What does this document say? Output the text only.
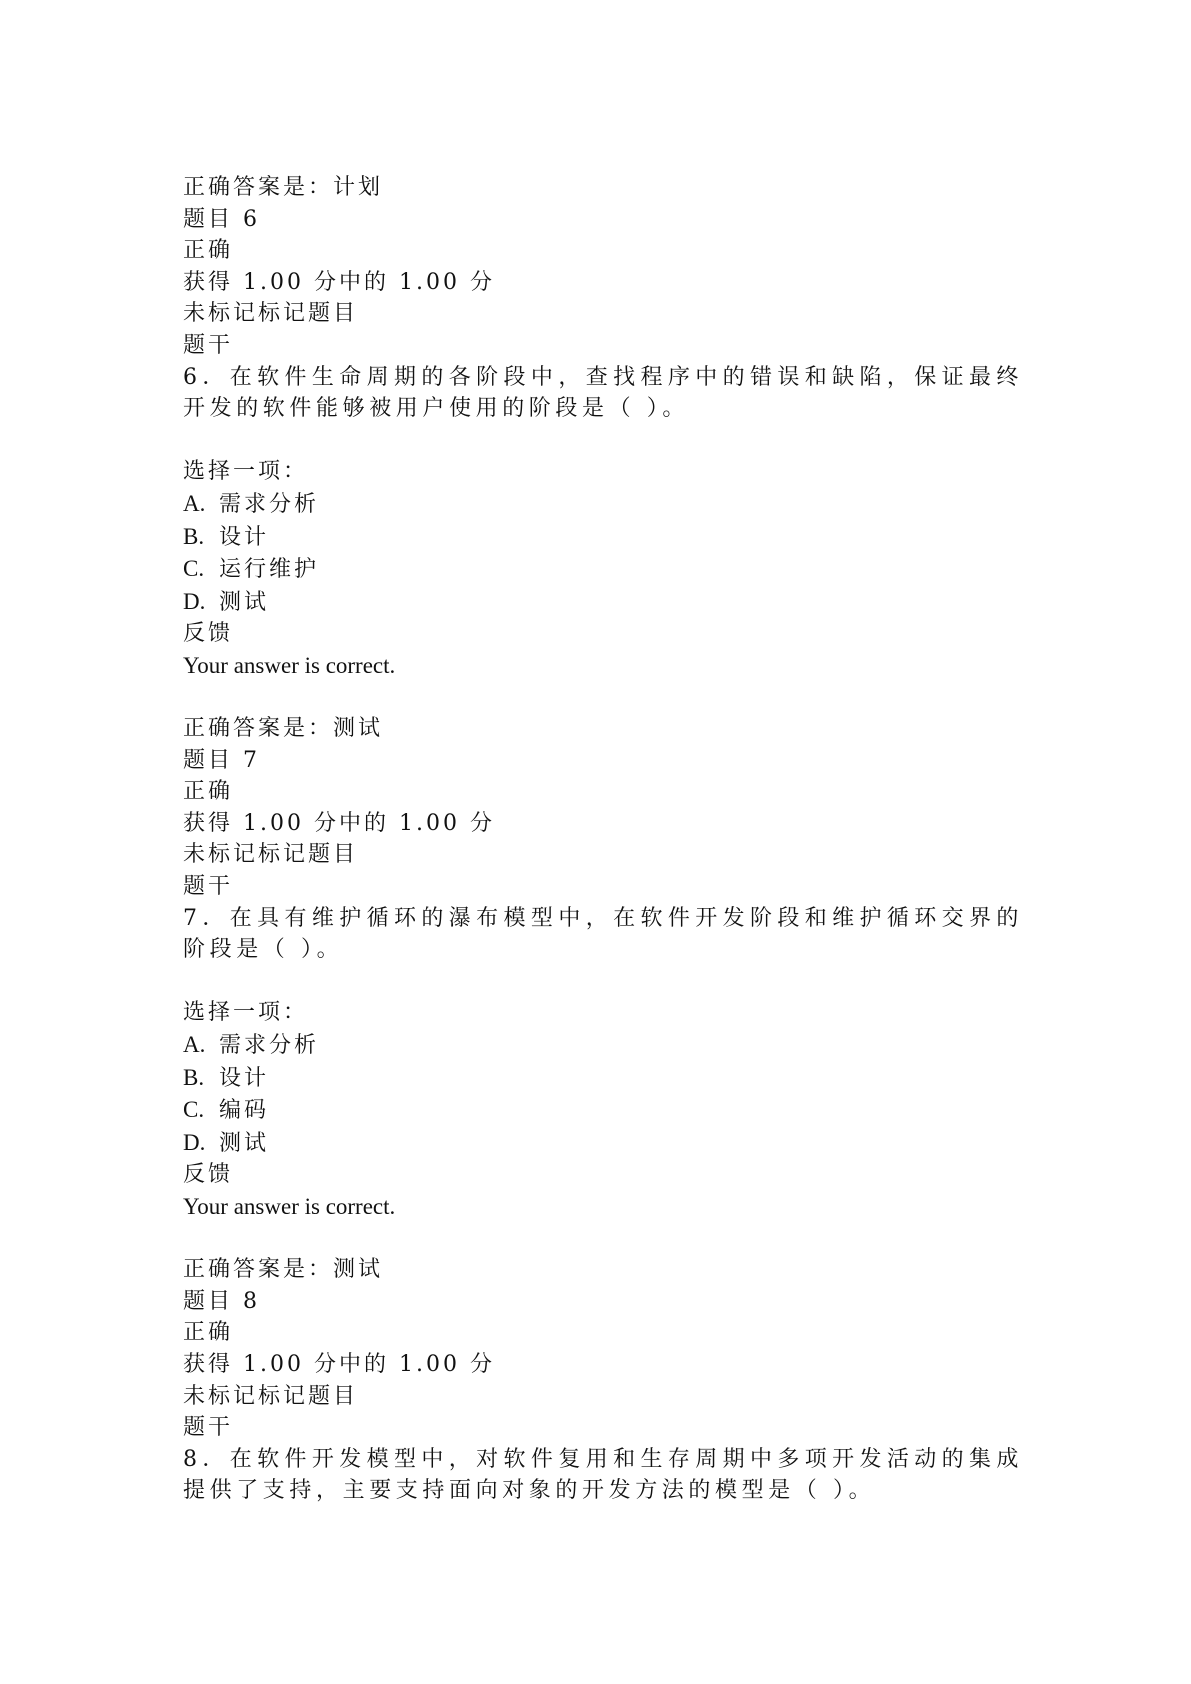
正确答案是：计划
题目 6
正确
获得 1.00 分中的 1.00 分
未标记标记题目
题干
6．在软件生命周期的各阶段中，查找程序中的错误和缺陷，保证最终开发的软件能够被用户使用的阶段是（ ）。
选择一项：
A. 需求分析
B. 设计
C. 运行维护
D. 测试
反馈
Your answer is correct.
正确答案是：测试
题目 7
正确
获得 1.00 分中的 1.00 分
未标记标记题目
题干
7．在具有维护循环的瀑布模型中，在软件开发阶段和维护循环交界的阶段是（ ）。
选择一项：
A. 需求分析
B. 设计
C. 编码
D. 测试
反馈
Your answer is correct.
正确答案是：测试
题目 8
正确
获得 1.00 分中的 1.00 分
未标记标记题目
题干
8．在软件开发模型中，对软件复用和生存周期中多项开发活动的集成提供了支持，主要支持面向对象的开发方法的模型是（ ）。
